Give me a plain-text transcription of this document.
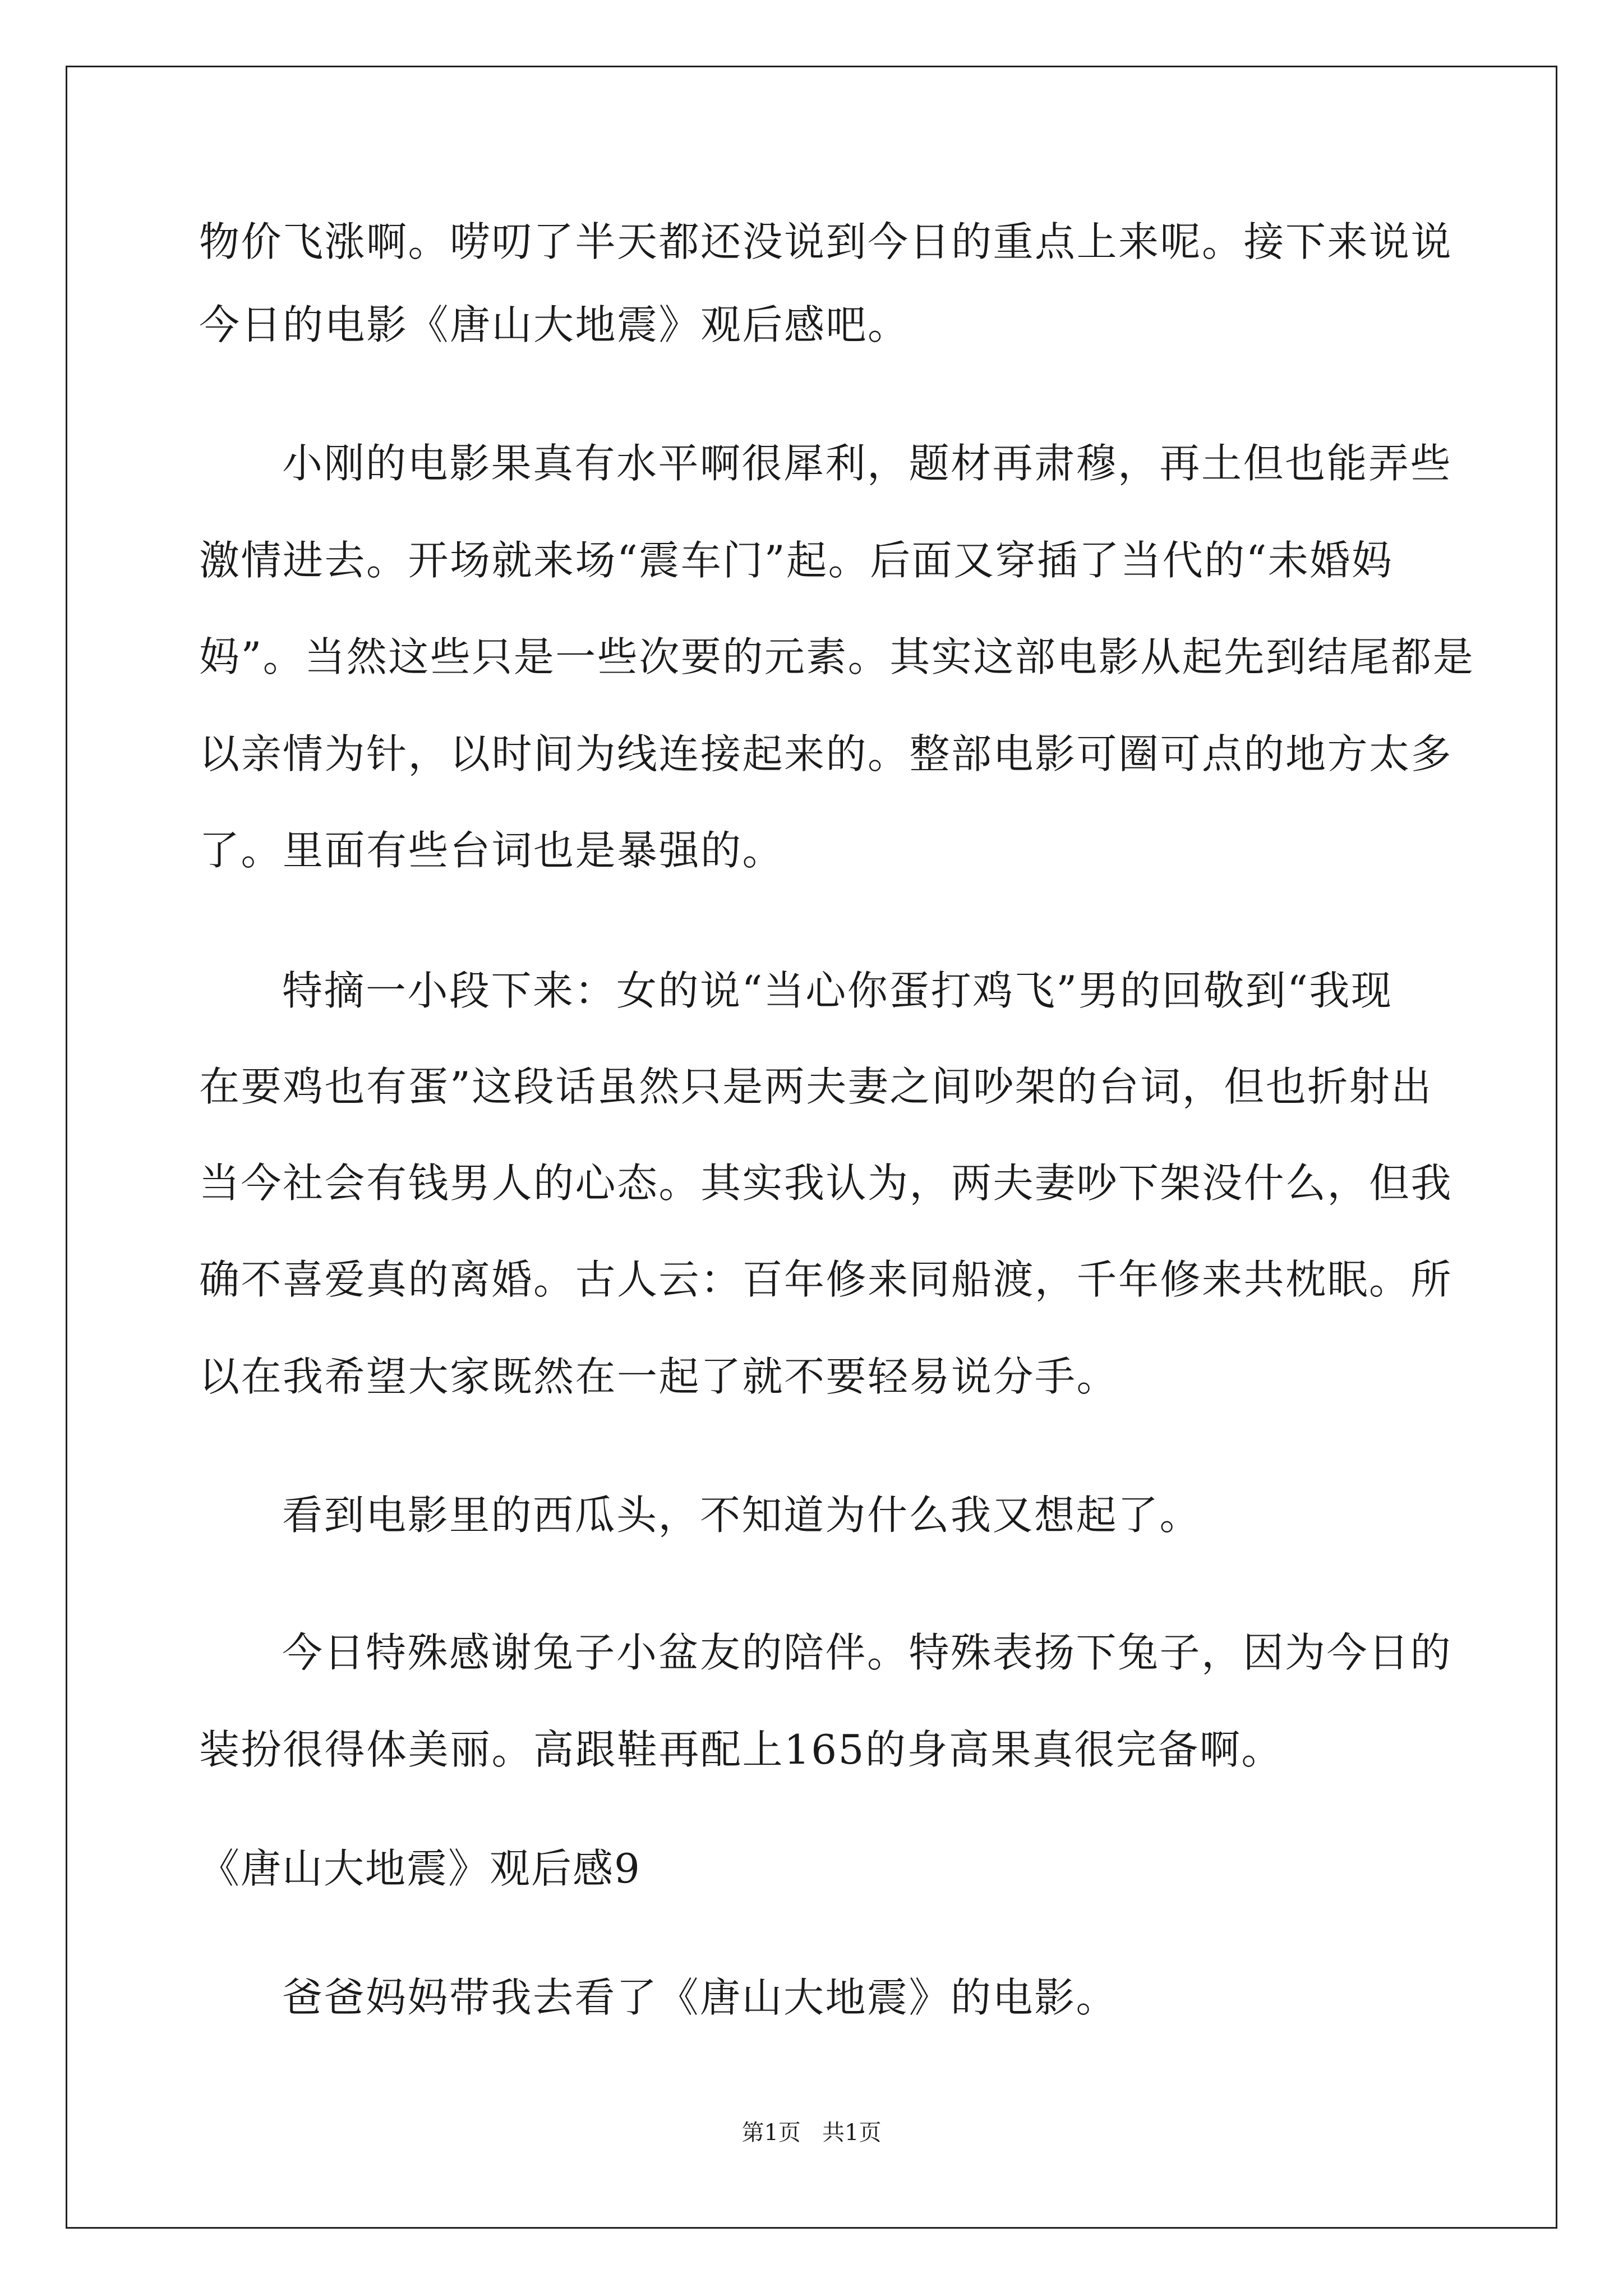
物价飞涨啊。唠叨了半天都还没说到今日的重点上来呢。接下来说说
今日的电影《唐山大地震》观后感吧。
小刚的电影果真有水平啊很犀利，题材再肃穆，再土但也能弄些
激情进去。开场就来场“震车门”起。后面又穿插了当代的“未婚妈
妈”。当然这些只是一些次要的元素。其实这部电影从起先到结尾都是
以亲情为针，以时间为线连接起来的。整部电影可圈可点的地方太多
了。里面有些台词也是暴强的。
特摘一小段下来：女的说“当心你蛋打鸡飞”男的回敬到“我现
在要鸡也有蛋”这段话虽然只是两夫妻之间吵架的台词，但也折射出
当今社会有钱男人的心态。其实我认为，两夫妻吵下架没什么，但我
确不喜爱真的离婚。古人云：百年修来同船渡，千年修来共枕眠。所
以在我希望大家既然在一起了就不要轻易说分手。
看到电影里的西瓜头，不知道为什么我又想起了。
今日特殊感谢兔子小盆友的陪伴。特殊表扬下兔子，因为今日的
装扮很得体美丽。高跟鞋再配上165的身高果真很完备啊。
《唐山大地震》观后感9
爸爸妈妈带我去看了《唐山大地震》的电影。
第1页   共1页
